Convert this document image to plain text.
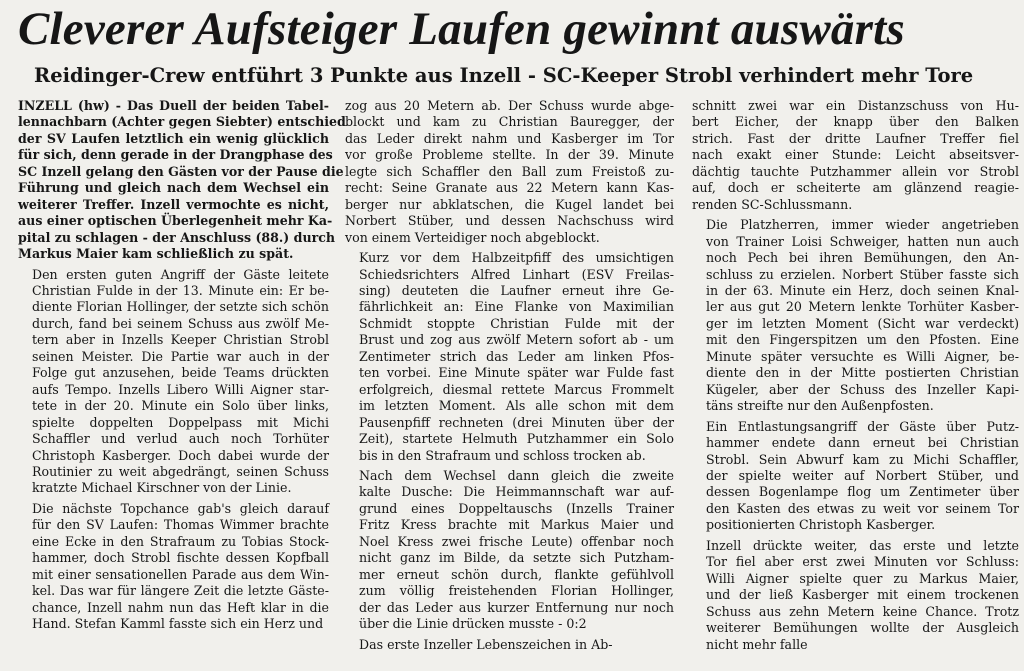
Cleverer Aufsteiger Laufen gewinnt auswärts
Reidinger-Crew entführt 3 Punkte aus Inzell - SC-Keeper Strobl verhindert mehr Tore

INZELL (hw) - Das Duell der beiden Tabel-
lennachbarn (Achter gegen Siebter) entschied
der SV Laufen letztlich ein wenig glücklich
für sich, denn gerade in der Drangphase des
SC Inzell gelang den Gästen vor der Pause die
Führung und gleich nach dem Wechsel ein
weiterer Treffer. Inzell vermochte es nicht,
aus einer optischen Überlegenheit mehr Ka-
pital zu schlagen - der Anschluss (88.) durch
Markus Maier kam schließlich zu spät.

Den ersten guten Angriff der Gäste leitete
Christian Fulde in der 13. Minute ein: Er be-
diente Florian Hollinger, der setzte sich schön
durch, fand bei seinem Schuss aus zwölf Me-
tern aber in Inzells Keeper Christian Strobl
seinen Meister. Die Partie war auch in der
Folge gut anzusehen, beide Teams drückten
aufs Tempo. Inzells Libero Willi Aigner star-
tete in der 20. Minute ein Solo über links,
spielte doppelten Doppelpass mit Michi
Schaffler und verlud auch noch Torhüter
Christoph Kasberger. Doch dabei wurde der
Routinier zu weit abgedrängt, seinen Schuss
kratzte Michael Kirschner von der Linie.

Die nächste Topchance gab's gleich darauf
für den SV Laufen: Thomas Wimmer brachte
eine Ecke in den Strafraum zu Tobias Stock-
hammer, doch Strobl fischte dessen Kopfball
mit einer sensationellen Parade aus dem Win-
kel. Das war für längere Zeit die letzte Gäste-
chance, Inzell nahm nun das Heft klar in die
Hand. Stefan Kamml fasste sich ein Herz und

zog aus 20 Metern ab. Der Schuss wurde abge-
blockt und kam zu Christian Bauregger, der
das Leder direkt nahm und Kasberger im Tor
vor große Probleme stellte. In der 39. Minute
legte sich Schaffler den Ball zum Freistoß zu-
recht: Seine Granate aus 22 Metern kann Kas-
berger nur abklatschen, die Kugel landet bei
Norbert Stüber, und dessen Nachschuss wird
von einem Verteidiger noch abgeblockt.

Kurz vor dem Halbzeitpfiff des umsichtigen
Schiedsrichters Alfred Linhart (ESV Freilas-
sing) deuteten die Laufner erneut ihre Ge-
fährlichkeit an: Eine Flanke von Maximilian
Schmidt stoppte Christian Fulde mit der
Brust und zog aus zwölf Metern sofort ab - um
Zentimeter strich das Leder am linken Pfos-
ten vorbei. Eine Minute später war Fulde fast
erfolgreich, diesmal rettete Marcus Frommelt
im letzten Moment. Als alle schon mit dem
Pausenpfiff rechneten (drei Minuten über der
Zeit), startete Helmuth Putzhammer ein Solo
bis in den Strafraum und schloss trocken ab.

Nach dem Wechsel dann gleich die zweite
kalte Dusche: Die Heimmannschaft war auf-
grund eines Doppeltauschs (Inzells Trainer
Fritz Kress brachte mit Markus Maier und
Noel Kress zwei frische Leute) offenbar noch
nicht ganz im Bilde, da setzte sich Putzham-
mer erneut schön durch, flankte gefühlvoll
zum völlig freistehenden Florian Hollinger,
der das Leder aus kurzer Entfernung nur noch
über die Linie drücken musste - 0:2

Das erste Inzeller Lebenszeichen in Ab-

schnitt zwei war ein Distanzschuss von Hu-
bert Eicher, der knapp über den Balken
strich. Fast der dritte Laufner Treffer fiel
nach exakt einer Stunde: Leicht abseitsver-
dächtig tauchte Putzhammer allein vor Strobl
auf, doch er scheiterte am glänzend reagie-
renden SC-Schlussmann.

Die Platzherren, immer wieder angetrieben
von Trainer Loisi Schweiger, hatten nun auch
noch Pech bei ihren Bemühungen, den An-
schluss zu erzielen. Norbert Stüber fasste sich
in der 63. Minute ein Herz, doch seinen Knal-
ler aus gut 20 Metern lenkte Torhüter Kasber-
ger im letzten Moment (Sicht war verdeckt)
mit den Fingerspitzen um den Pfosten. Eine
Minute später versuchte es Willi Aigner, be-
diente den in der Mitte postierten Christian
Kügeler, aber der Schuss des Inzeller Kapi-
täns streifte nur den Außenpfosten.

Ein Entlastungsangriff der Gäste über Putz-
hammer endete dann erneut bei Christian
Strobl. Sein Abwurf kam zu Michi Schaffler,
der spielte weiter auf Norbert Stüber, und
dessen Bogenlampe flog um Zentimeter über
den Kasten des etwas zu weit vor seinem Tor
positionierten Christoph Kasberger.

Inzell drückte weiter, das erste und letzte
Tor fiel aber erst zwei Minuten vor Schluss:
Willi Aigner spielte quer zu Markus Maier,
und der ließ Kasberger mit einem trockenen
Schuss aus zehn Metern keine Chance. Trotz
weiterer Bemühungen wollte der Ausgleich
nicht mehr falle
